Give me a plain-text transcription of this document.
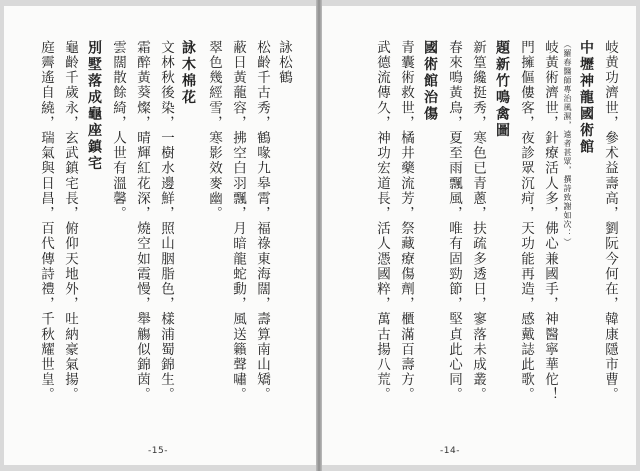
詠松鶴
松齡千古秀，鶴喙九皋霄，福祿東海闊，壽算南山矯。
蔽日黃蘢容，拂空白羽飄，月暗龍蛇動，風送籟聲嘯。
翠色幾經雪，寒影效麥幽。
詠木棉花
文林秋後染，一樹水邊鮮，照山胭脂色，樣浦蜀錦生。
霜醉黃葵燦，晴輝紅花深，燒空如霞慢，舉觴似錦茵。
雲闊散餘綺，人世有溫馨。
別墅落成龜座鎮宅
龜齡千歲永，玄武鎮宅長，俯仰天地外，吐納豪氣揚。
庭霽遙自繞，瑞氣與日昌，百代傳詩禮，千秋耀世皇。
-15-
岐黄功濟世，參术益壽高，劉阮今何在，韓康隱市曹。
中壢神龍國術館
（羅春醫師專治風濕，遠者甚眾，撰詩致謝如次：）
岐黃術濟世，針療活人多，佛心兼國手，神醫寧華佗！
門擁傴僂客，夜診眾沉疴，天功能再造，感戴誌此歌。
題新竹鳴禽圖
新篁纔挺秀，寒色已青蔥，扶疏多透日，寥落未成叢。
春來鳴黃鳥，夏至雨飄風，唯有固勁節，堅貞此心同。
國術館治傷
青囊術救世，橘井藥流芳，祭藏療傷劑，櫃滿百壽方。
武德流傳久，神功宏道長，活人憑國粹，萬古揚八荒。
-14-
